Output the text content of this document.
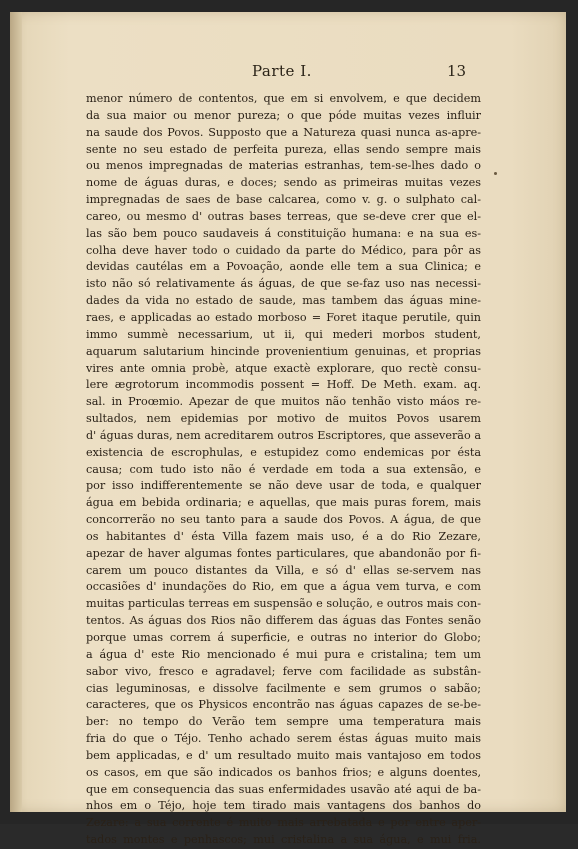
Parte I.	13
menor número de contentos, que em si envolvem, e que decidem
da sua maior ou menor pureza; o que póde muitas vezes influir
na saude dos Povos. Supposto que a Natureza quasi nunca as-apre-
sente no seu estado de perfeita pureza, ellas sendo sempre mais
ou menos impregnadas de materias estranhas, tem-se-lhes dado o
nome de águas duras, e doces; sendo as primeiras muitas vezes
impregnadas de saes de base calcarea, como v. g. o sulphato cal-
careo, ou mesmo d' outras bases terreas, que se-deve crer que el-
las são bem pouco saudaveis á constituição humana: e na sua es-
colha deve haver todo o cuidado da parte do Médico, para pôr as
devidas cautélas em a Povoação, aonde elle tem a sua Clinica; e
isto não só relativamente ás águas, de que se-faz uso nas necessi-
dades da vida no estado de saude, mas tambem das águas mine-
raes, e applicadas ao estado morboso = Foret itaque perutile, quin
immo summè necessarium, ut ii, qui mederi morbos student,
aquarum salutarium hincinde provenientium genuinas, et proprias
vires ante omnia probè, atque exactè explorare, quo rectè consu-
lere ægrotorum incommodis possent = Hoff. De Meth. exam. aq.
sal. in Proœmio. Apezar de que muitos não tenhão visto máos re-
sultados, nem epidemias por motivo de muitos Povos usarem
d' águas duras, nem acreditarem outros Escriptores, que asseverão a
existencia de escrophulas, e estupidez como endemicas por ésta
causa; com tudo isto não é verdade em toda a sua extensão, e
por isso indifferentemente se não deve usar de toda, e qualquer
água em bebida ordinaria; e aquellas, que mais puras forem, mais
concorrerão no seu tanto para a saude dos Povos. A água, de que
os habitantes d' ésta Villa fazem mais uso, é a do Rio Zezare,
apezar de haver algumas fontes particulares, que abandonão por fi-
carem um pouco distantes da Villa, e só d' ellas se-servem nas
occasiões d' inundações do Rio, em que a água vem turva, e com
muitas particulas terreas em suspensão e solução, e outros mais con-
tentos. As águas dos Rios não differem das águas das Fontes senão
porque umas correm á superficie, e outras no interior do Globo;
a água d' este Rio mencionado é mui pura e cristalina; tem um
sabor vivo, fresco e agradavel; ferve com facilidade as substân-
cias leguminosas, e dissolve facilmente e sem grumos o sabão;
caracteres, que os Physicos encontrão nas águas capazes de se-be-
ber: no tempo do Verão tem sempre uma temperatura mais
fria do que o Téjo. Tenho achado serem éstas águas muito mais
bem applicadas, e d' um resultado muito mais vantajoso em todos
os casos, em que são indicados os banhos frios; e alguns doentes,
que em consequencia das suas enfermidades usavão até aqui de ba-
nhos em o Téjo, hoje tem tirado mais vantagens dos banhos do
Zezare: a sua corrente é muito mais arrebatada e por entre aper-
tados montes e penhascos; mui cristalina a sua água, e mui fria.
